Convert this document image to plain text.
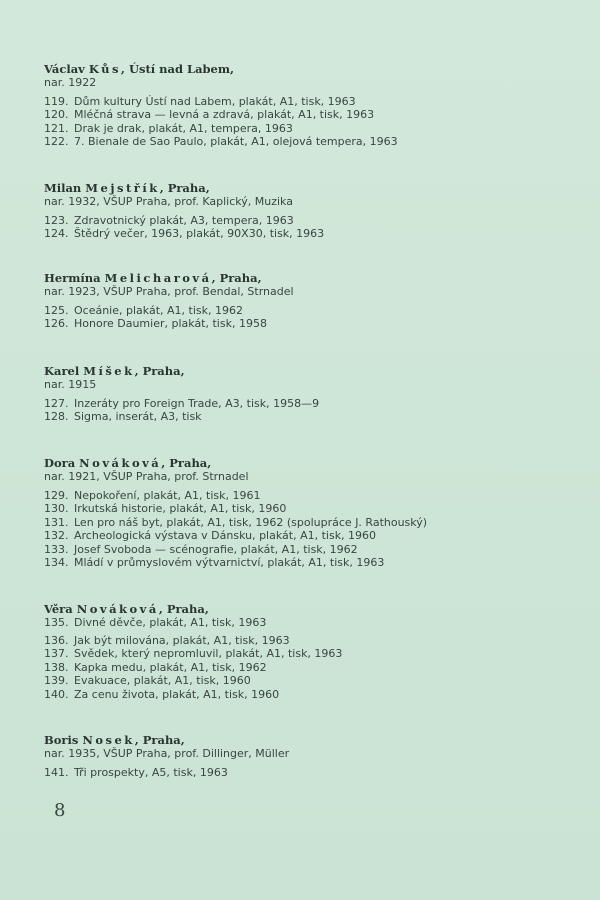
Václav Kůs, Ústí nad Labem,
nar. 1922
119. Dům kultury Ústí nad Labem, plakát, A1, tisk, 1963
120. Mléčná strava — levná a zdravá, plakát, A1, tisk, 1963
121. Drak je drak, plakát, A1, tempera, 1963
122. 7. Bienale de Sao Paulo, plakát, A1, olejová tempera, 1963
Milan Mejstřík, Praha,
nar. 1932, VŠUP Praha, prof. Kaplický, Muzika
123. Zdravotnický plakát, A3, tempera, 1963
124. Štědrý večer, 1963, plakát, 90X30, tisk, 1963
Hermína Melicharová, Praha,
nar. 1923, VŠUP Praha, prof. Bendal, Strnadel
125. Oceánie, plakát, A1, tisk, 1962
126. Honore Daumier, plakát, tisk, 1958
Karel Míšek, Praha,
nar. 1915
127. Inzeráty pro Foreign Trade, A3, tisk, 1958—9
128. Sigma, inserát, A3, tisk
Dora Nováková, Praha,
nar. 1921, VŠUP Praha, prof. Strnadel
129. Nepokoření, plakát, A1, tisk, 1961
130. Irkutská historie, plakát, A1, tisk, 1960
131. Len pro náš byt, plakát, A1, tisk, 1962 (spolupráce J. Rathouský)
132. Archeologická výstava v Dánsku, plakát, A1, tisk, 1960
133. Josef Svoboda — scénografie, plakát, A1, tisk, 1962
134. Mládí v průmyslovém výtvarnictví, plakát, A1, tisk, 1963
Věra Nováková, Praha,
135. Divné děvče, plakát, A1, tisk, 1963
136. Jak být milována, plakát, A1, tisk, 1963
137. Svědek, který nepromluvil, plakát, A1, tisk, 1963
138. Kapka medu, plakát, A1, tisk, 1962
139. Evakuace, plakát, A1, tisk, 1960
140. Za cenu života, plakát, A1, tisk, 1960
Boris Nosek, Praha,
nar. 1935, VŠUP Praha, prof. Dillinger, Müller
141. Tři prospekty, A5, tisk, 1963
8
